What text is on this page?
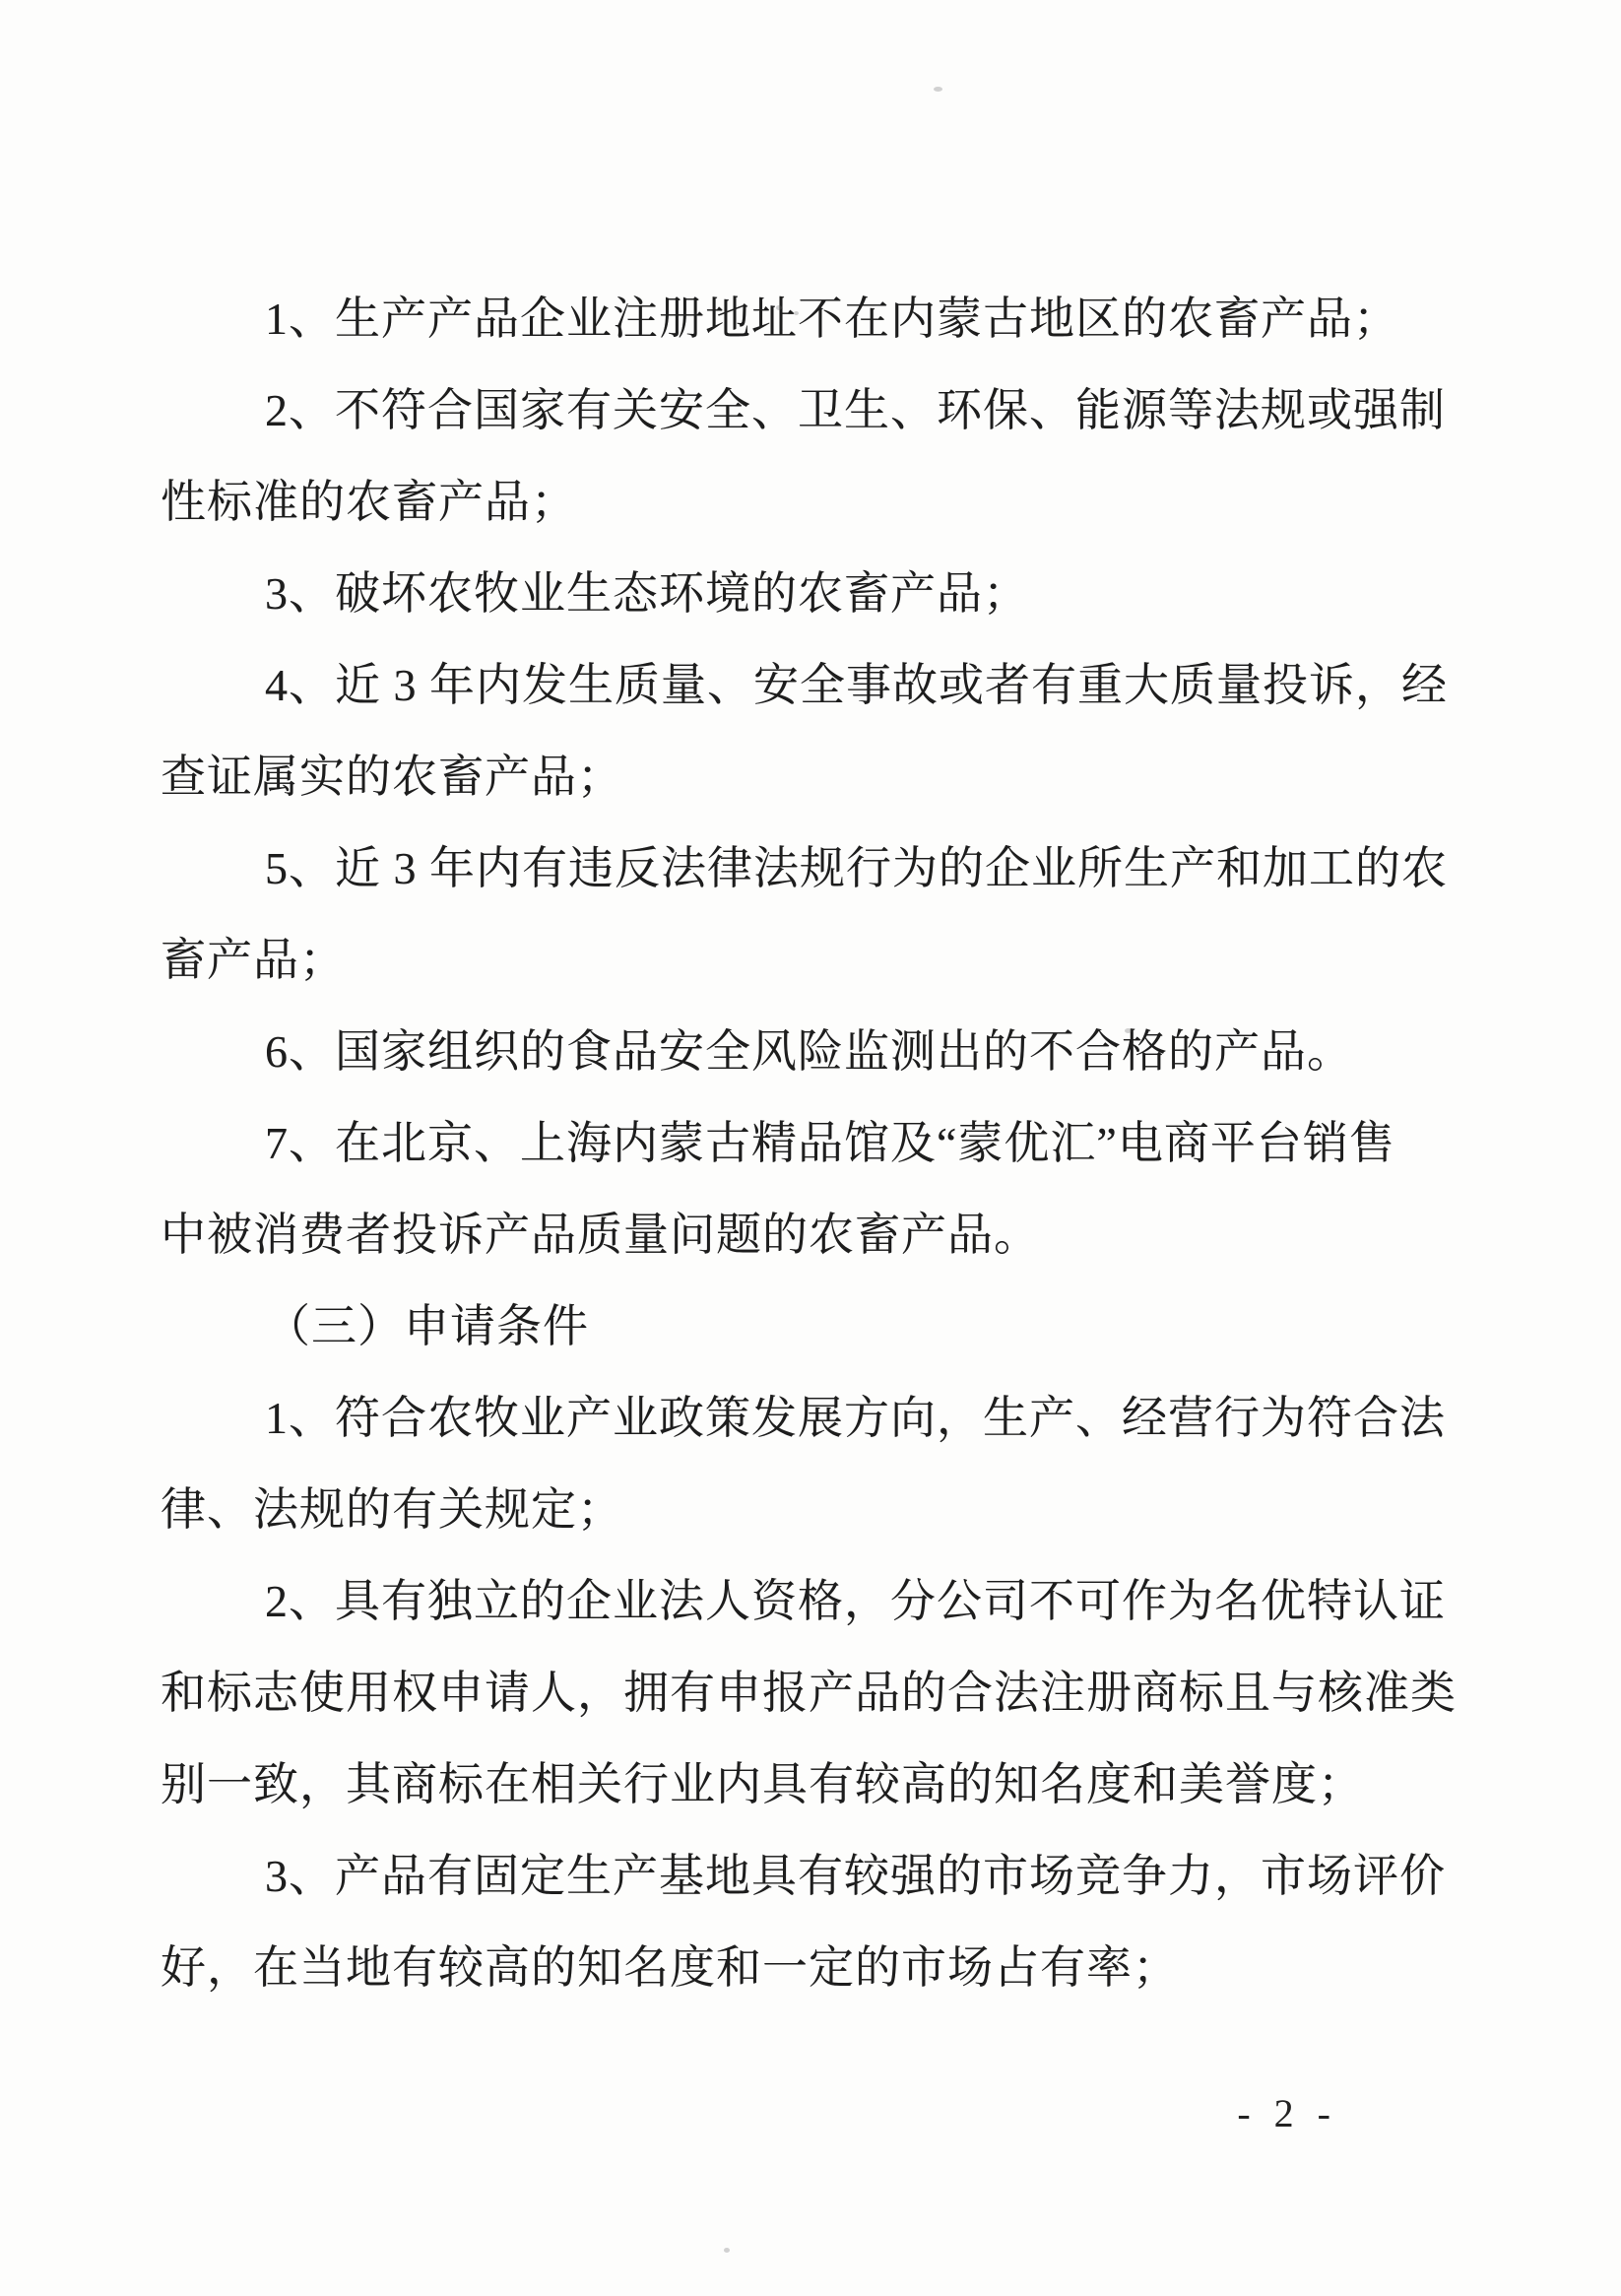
1、生产产品企业注册地址不在内蒙古地区的农畜产品；
2、不符合国家有关安全、卫生、环保、能源等法规或强制
性标准的农畜产品；
3、破坏农牧业生态环境的农畜产品；
4、近 3 年内发生质量、安全事故或者有重大质量投诉，经
查证属实的农畜产品；
5、近 3 年内有违反法律法规行为的企业所生产和加工的农
畜产品；
6、国家组织的食品安全风险监测出的不合格的产品。
7、在北京、上海内蒙古精品馆及“蒙优汇”电商平台销售
中被消费者投诉产品质量问题的农畜产品。
（三）申请条件
1、符合农牧业产业政策发展方向，生产、经营行为符合法
律、法规的有关规定；
2、具有独立的企业法人资格，分公司不可作为名优特认证
和标志使用权申请人，拥有申报产品的合法注册商标且与核准类
别一致，其商标在相关行业内具有较高的知名度和美誉度；
3、产品有固定生产基地具有较强的市场竞争力，市场评价
好，在当地有较高的知名度和一定的市场占有率；
- 2 -
